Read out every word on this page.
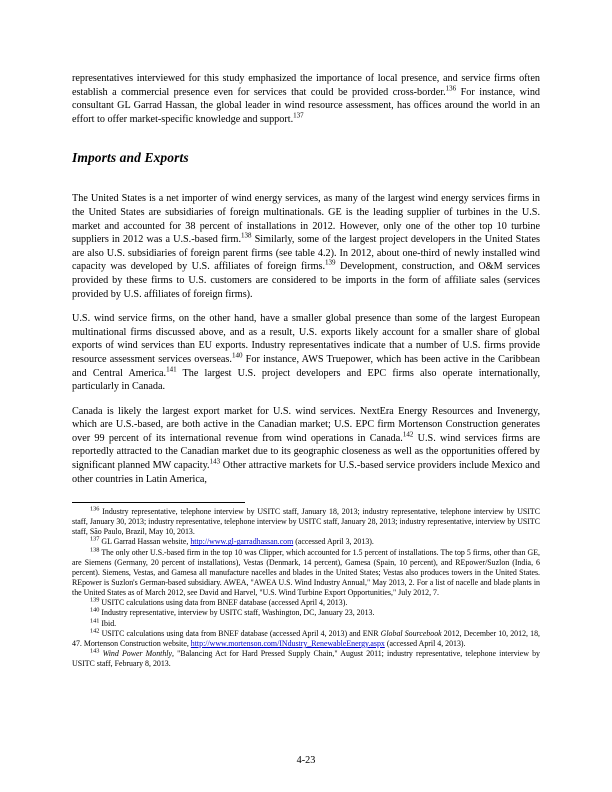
representatives interviewed for this study emphasized the importance of local presence, and service firms often establish a commercial presence even for services that could be provided cross-border.$^{136}$ For instance, wind consultant GL Garrad Hassan, the global leader in wind resource assessment, has offices around the world in an effort to offer market-specific knowledge and support.$^{137}$

Imports and Exports

The United States is a net importer of wind energy services, as many of the largest wind energy services firms in the United States are subsidiaries of foreign multinationals. GE is the leading supplier of turbines in the U.S. market and accounted for 38 percent of installations in 2012. However, only one of the other top 10 turbine suppliers in 2012 was a U.S.-based firm.$^{138}$ Similarly, some of the largest project developers in the United States are also U.S. subsidiaries of foreign parent firms (see table 4.2). In 2012, about one-third of newly installed wind capacity was developed by U.S. affiliates of foreign firms.$^{139}$ Development, construction, and O&M services provided by these firms to U.S. customers are considered to be imports in the form of affiliate sales (services provided by U.S. affiliates of foreign firms).

U.S. wind service firms, on the other hand, have a smaller global presence than some of the largest European multinational firms discussed above, and as a result, U.S. exports likely account for a smaller share of global exports of wind services than EU exports. Industry representatives indicate that a number of U.S. firms provide resource assessment services overseas.$^{140}$ For instance, AWS Truepower, which has been active in the Caribbean and Central America.$^{141}$ The largest U.S. project developers and EPC firms also operate internationally, particularly in Canada.

Canada is likely the largest export market for U.S. wind services. NextEra Energy Resources and Invenergy, which are U.S.-based, are both active in the Canadian market; U.S. EPC firm Mortenson Construction generates over 99 percent of its international revenue from wind operations in Canada.$^{142}$ U.S. wind services firms are reportedly attracted to the Canadian market due to its geographic closeness as well as the opportunities offered by significant planned MW capacity.$^{143}$ Other attractive markets for U.S.-based service providers include Mexico and other countries in Latin America,

$^{136}$ Industry representative, telephone interview by USITC staff, January 18, 2013; industry representative, telephone interview by USITC staff, January 30, 2013; industry representative, telephone interview by USITC staff, January 28, 2013; industry representative, interview by USITC staff, São Paulo, Brazil, May 10, 2013.

$^{137}$ GL Garrad Hassan website, http://www.gl-garradhassan.com (accessed April 3, 2013).

$^{138}$ The only other U.S.-based firm in the top 10 was Clipper, which accounted for 1.5 percent of installations. The top 5 firms, other than GE, are Siemens (Germany, 20 percent of installations), Vestas (Denmark, 14 percent), Gamesa (Spain, 10 percent), and REpower/Suzlon (India, 6 percent). Siemens, Vestas, and Gamesa all manufacture nacelles and blades in the United States; Vestas also produces towers in the United States. REpower is Suzlon's German-based subsidiary. AWEA, "AWEA U.S. Wind Industry Annual," May 2013, 2. For a list of nacelle and blade plants in the United States as of March 2012, see David and Harvel, "U.S. Wind Turbine Export Opportunities," July 2012, 7.

$^{139}$ USITC calculations using data from BNEF database (accessed April 4, 2013).

$^{140}$ Industry representative, interview by USITC staff, Washington, DC, January 23, 2013.

$^{141}$ Ibid.

$^{142}$ USITC calculations using data from BNEF database (accessed April 4, 2013) and ENR Global Sourcebook 2012, December 10, 2012, 18, 47. Mortenson Construction website, http://www.mortenson.com/INdustry_RenewableEnergy.aspx (accessed April 4, 2013).

$^{143}$ Wind Power Monthly, "Balancing Act for Hard Pressed Supply Chain," August 2011; industry representative, telephone interview by USITC staff, February 8, 2013.

4-23
